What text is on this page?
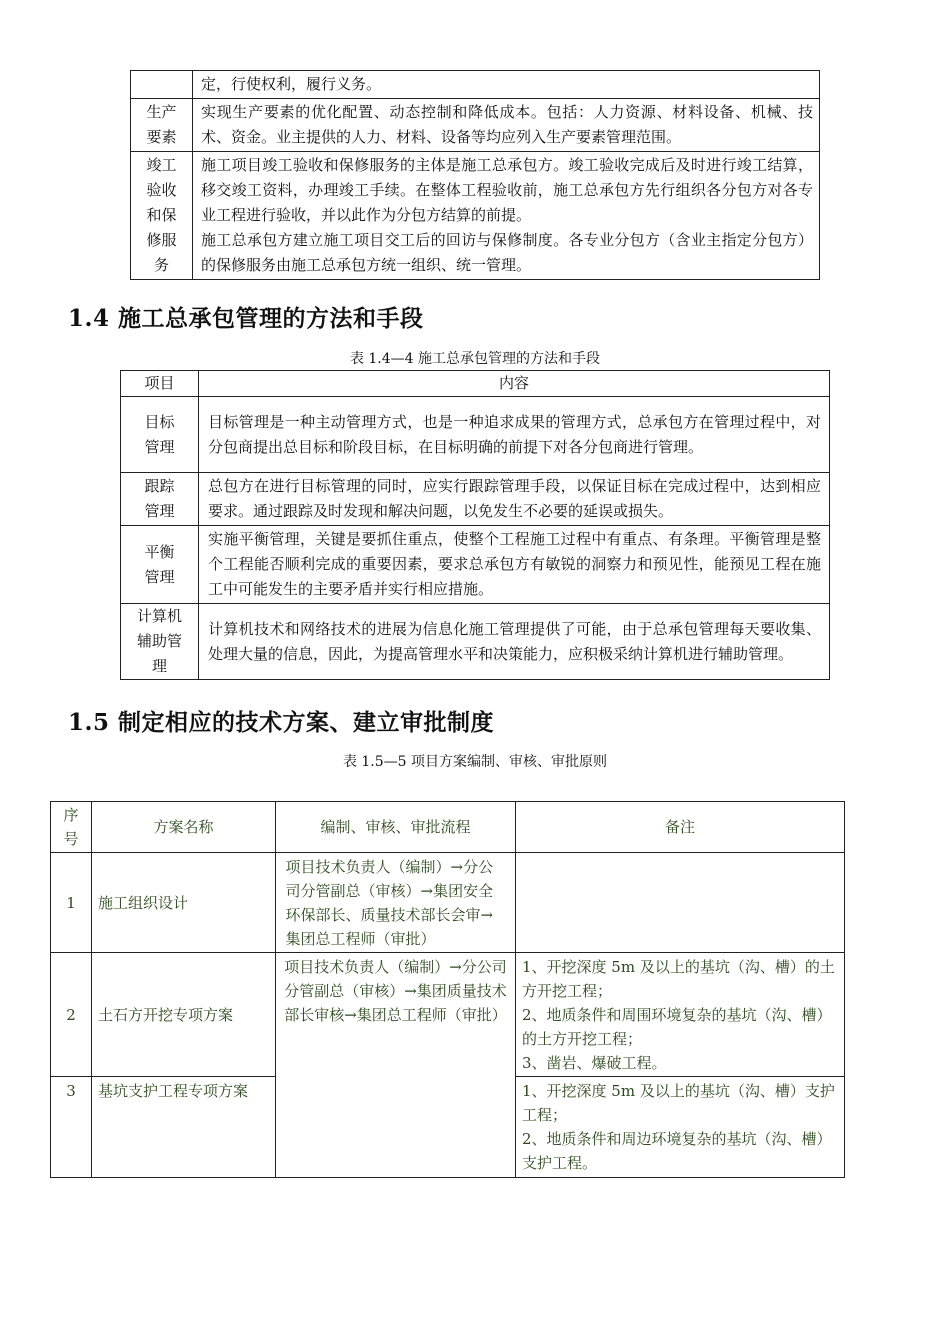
	定，行使权利，履行义务。

生产要素	实现生产要素的优化配置、动态控制和降低成本。包括：人力资源、材料设备、机械、技术、资金。业主提供的人力、材料、设备等均应列入生产要素管理范围。

竣工验收和保修服务	施工项目竣工验收和保修服务的主体是施工总承包方。竣工验收完成后及时进行竣工结算，移交竣工资料，办理竣工手续。在整体工程验收前，施工总承包方先行组织各分包方对各专业工程进行验收，并以此作为分包方结算的前提。
施工总承包方建立施工项目交工后的回访与保修制度。各专业分包方（含业主指定分包方）的保修服务由施工总承包方统一组织、统一管理。
1.4 施工总承包管理的方法和手段
表 1.4—4 施工总承包管理的方法和手段
项目	内容

目标管理	目标管理是一种主动管理方式，也是一种追求成果的管理方式，总承包方在管理过程中，对分包商提出总目标和阶段目标，在目标明确的前提下对各分包商进行管理。

跟踪管理	总包方在进行目标管理的同时，应实行跟踪管理手段，以保证目标在完成过程中，达到相应要求。通过跟踪及时发现和解决问题，以免发生不必要的延误或损失。

平衡管理	实施平衡管理，关键是要抓住重点，使整个工程施工过程中有重点、有条理。平衡管理是整个工程能否顺利完成的重要因素，要求总承包方有敏锐的洞察力和预见性，能预见工程在施工中可能发生的主要矛盾并实行相应措施。

计算机辅助管理	计算机技术和网络技术的进展为信息化施工管理提供了可能，由于总承包管理每天要收集、处理大量的信息，因此，为提高管理水平和决策能力，应积极采纳计算机进行辅助管理。
1.5 制定相应的技术方案、建立审批制度
表 1.5—5 项目方案编制、审核、审批原则
序号	方案名称	编制、审核、审批流程	备注
1	施工组织设计	项目技术负责人（编制）→分公司分管副总（审核）→集团安全环保部长、质量技术部长会审→集团总工程师（审批）	

2	土石方开挖专项方案	项目技术负责人（编制）→分公司分管副总（审核）→集团质量技术部长审核→集团总工程师（审批）	1、开挖深度 5m 及以上的基坑（沟、槽）的土方开挖工程；
2、地质条件和周围环境复杂的基坑（沟、槽）的土方开挖工程；
3、凿岩、爆破工程。

3	基坑支护工程专项方案		1、开挖深度 5m 及以上的基坑（沟、槽）支护工程；
2、地质条件和周边环境复杂的基坑（沟、槽）支护工程。
